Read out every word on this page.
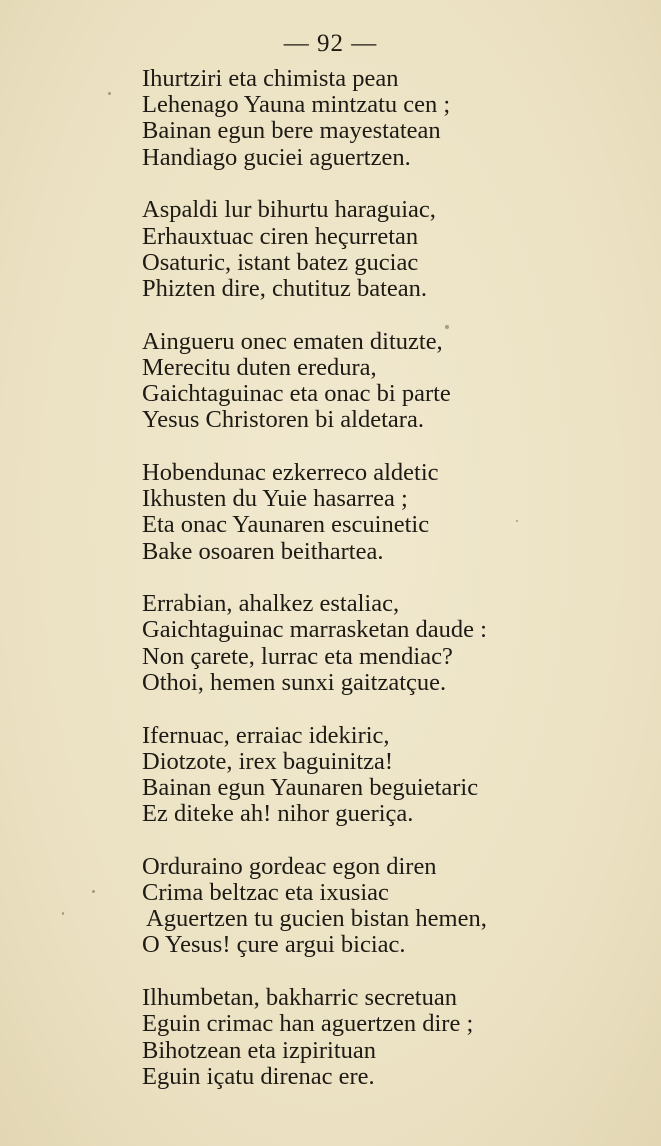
— 92 —
Ihurtziri eta chimista pean
Lehenago Yauna mintzatu cen ;
Bainan egun bere mayestatean
Handiago guciei aguertzen.
Aspaldi lur bihurtu haraguiac,
Erhauxtuac ciren heçurretan
Osaturic, istant batez guciac
Phizten dire, chutituz batean.
Aingueru onec ematen dituzte,
Merecitu duten eredura,
Gaichtaguinac eta onac bi parte
Yesus Christoren bi aldetara.
Hobendunac ezkerreco aldetic
Ikhusten du Yuie hasarrea ;
Eta onac Yaunaren escuinetic
Bake osoaren beitharteа.
Errabian, ahalkez estaliac,
Gaichtaguinac marrasketan daude :
Non çarete, lurrac eta mendiac?
Othoi, hemen sunxi gaitzatçue.
Ifernuac, erraiac idekiric,
Diotzote, irex baguinitza!
Bainan egun Yaunaren beguietaric
Ez diteke ah! nihor gueriça.
Orduraino gordeac egon diren
Crima beltzac eta ixusiac
Aguertzen tu gucien bistan hemen,
O Yesus! çure argui biciac.
Ilhumbetan, bakharric secretuan
Eguin crimac han aguertzen dire ;
Bihotzean eta izpirituan
Eguin içatu direnac ere.
